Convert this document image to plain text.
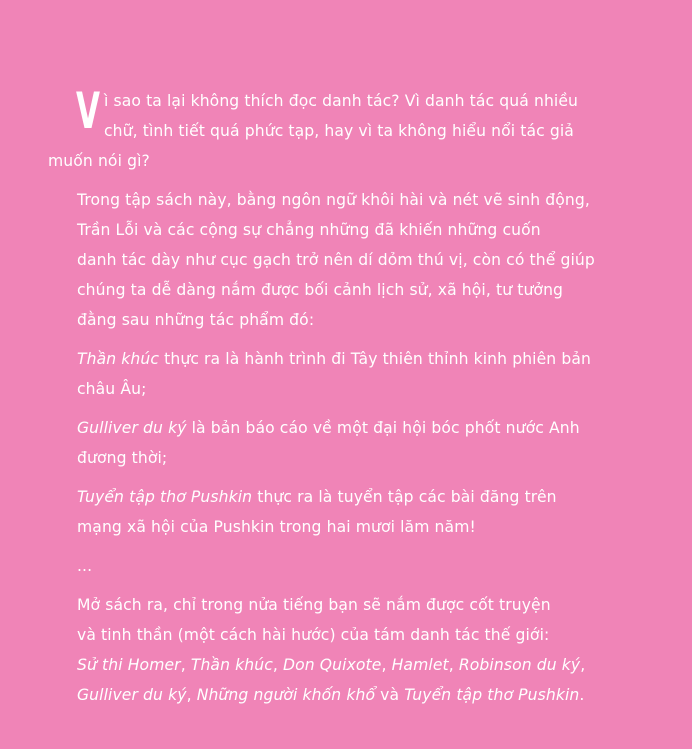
V ì sao ta lại không thích đọc danh tác? Vì danh tác quá nhiều
chữ, tình tiết quá phức tạp, hay vì ta không hiểu nổi tác giả
muốn nói gì?
Trong tập sách này, bằng ngôn ngữ khôi hài và nét vẽ sinh động,
Trần Lỗi và các cộng sự chẳng những đã khiến những cuốn
danh tác dày như cục gạch trở nên dí dỏm thú vị, còn có thể giúp
chúng ta dễ dàng nắm được bối cảnh lịch sử, xã hội, tư tưởng
đằng sau những tác phẩm đó:
Thần khúc thực ra là hành trình đi Tây thiên thỉnh kinh phiên bản
châu Âu;
Gulliver du ký là bản báo cáo về một đại hội bóc phốt nước Anh
đương thời;
Tuyển tập thơ Pushkin thực ra là tuyển tập các bài đăng trên
mạng xã hội của Pushkin trong hai mươi lăm năm!
...
Mở sách ra, chỉ trong nửa tiếng bạn sẽ nắm được cốt truyện
và tinh thần (một cách hài hước) của tám danh tác thế giới:
Sử thi Homer, Thần khúc, Don Quixote, Hamlet, Robinson du ký,
Gulliver du ký, Những người khốn khổ và Tuyển tập thơ Pushkin.
